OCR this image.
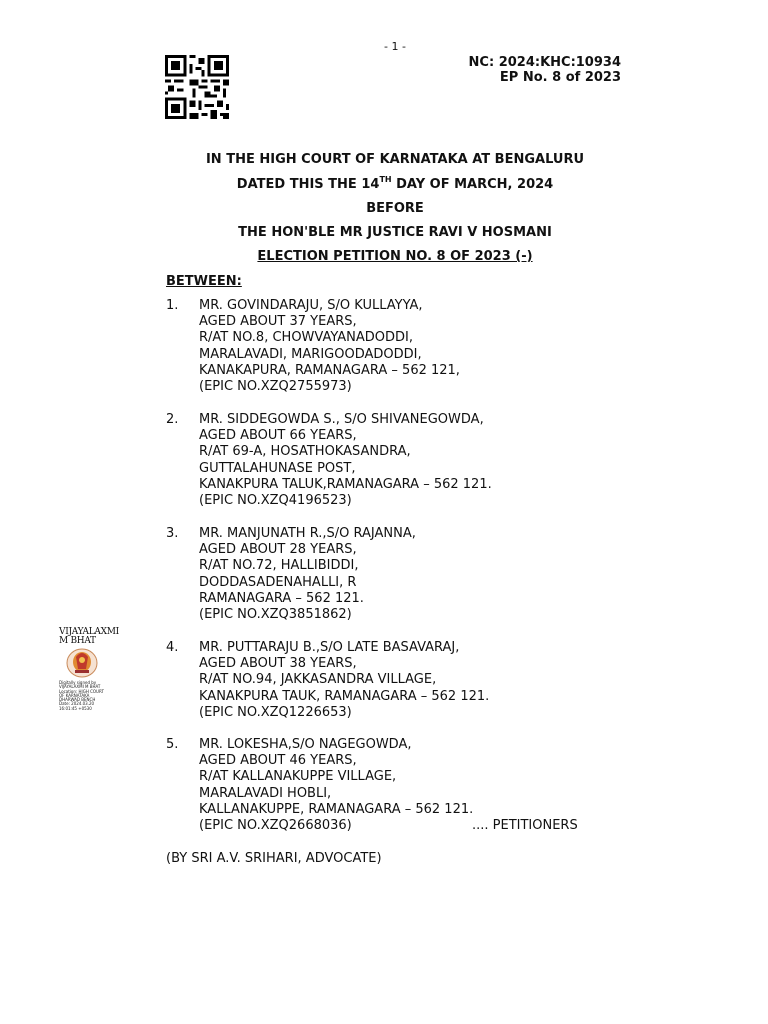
- 1 -
NC: 2024:KHC:10934
EP No. 8 of 2023
IN THE HIGH COURT OF KARNATAKA AT BENGALURU
DATED THIS THE 14TH DAY OF MARCH, 2024
BEFORE
THE HON'BLE MR JUSTICE RAVI V HOSMANI
ELECTION PETITION NO. 8 OF 2023 (-)
BETWEEN:
1. MR. GOVINDARAJU, S/O KULLAYYA,
AGED ABOUT 37 YEARS,
R/AT NO.8, CHOWVAYANADODDI,
MARALAVADI, MARIGOODADODDI,
KANAKAPURA, RAMANAGARA – 562 121,
(EPIC NO.XZQ2755973)
2. MR. SIDDEGOWDA S., S/O SHIVANEGOWDA,
AGED ABOUT 66 YEARS,
R/AT 69-A, HOSATHOKASANDRA,
GUTTALAHUNASE POST,
KANAKPURA TALUK,RAMANAGARA – 562 121.
(EPIC NO.XZQ4196523)
3. MR. MANJUNATH R.,S/O RAJANNA,
AGED ABOUT 28 YEARS,
R/AT NO.72, HALLIBIDDI,
DODDASADENAHALLI, R
RAMANAGARA – 562 121.
(EPIC NO.XZQ3851862)
4. MR. PUTTARAJU B.,S/O LATE BASAVARAJ,
AGED ABOUT 38 YEARS,
R/AT NO.94, JAKKASANDRA VILLAGE,
KANAKPURA TAUK, RAMANAGARA – 562 121.
(EPIC NO.XZQ1226653)
5. MR. LOKESHA,S/O NAGEGOWDA,
AGED ABOUT 46 YEARS,
R/AT KALLANAKUPPE VILLAGE,
MARALAVADI HOBLI,
KALLANAKUPPE, RAMANAGARA – 562 121.
(EPIC NO.XZQ2668036)	.... PETITIONERS
(BY SRI A.V. SRIHARI, ADVOCATE)
VIJAYALAXMI M BHAT
Digitally signed by
VIJAYALAXMI M BHAT
Location: HIGH COURT
OF KARNATAKA
DHARWAD BENCH
Date: 2024.03.20
16:01:45 +0530
